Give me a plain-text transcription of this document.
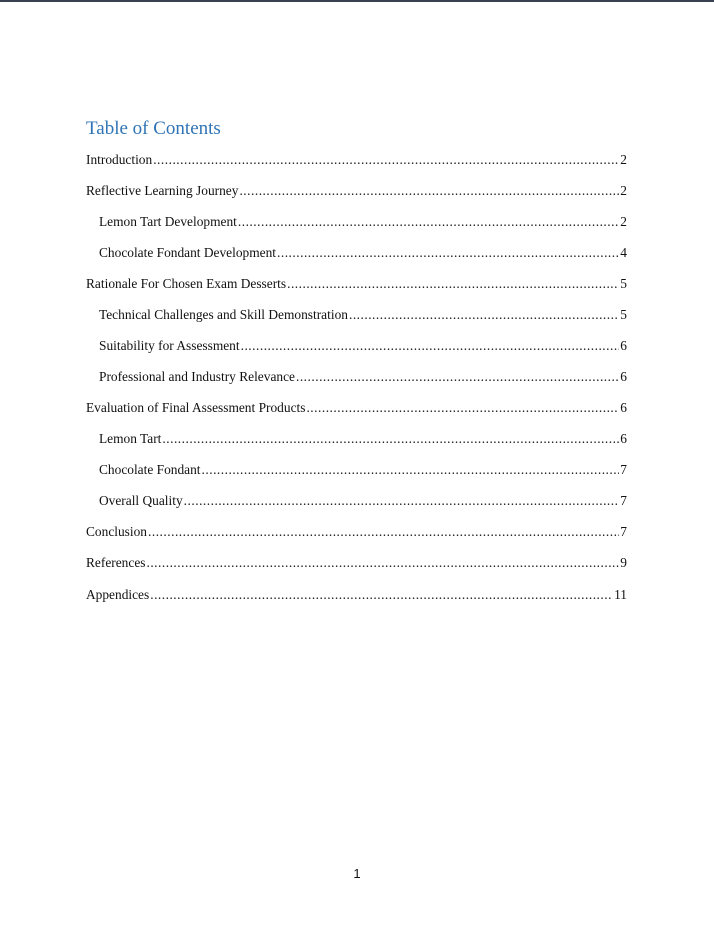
Table of Contents
Introduction .....	2
Reflective Learning Journey .....	2
Lemon Tart Development .....	2
Chocolate Fondant Development .....	4
Rationale For Chosen Exam Desserts .....	5
Technical Challenges and Skill Demonstration .....	5
Suitability for Assessment .....	6
Professional and Industry Relevance .....	6
Evaluation of Final Assessment Products .....	6
Lemon Tart .....	6
Chocolate Fondant .....	7
Overall Quality .....	7
Conclusion .....	7
References .....	9
Appendices .....	11
1
